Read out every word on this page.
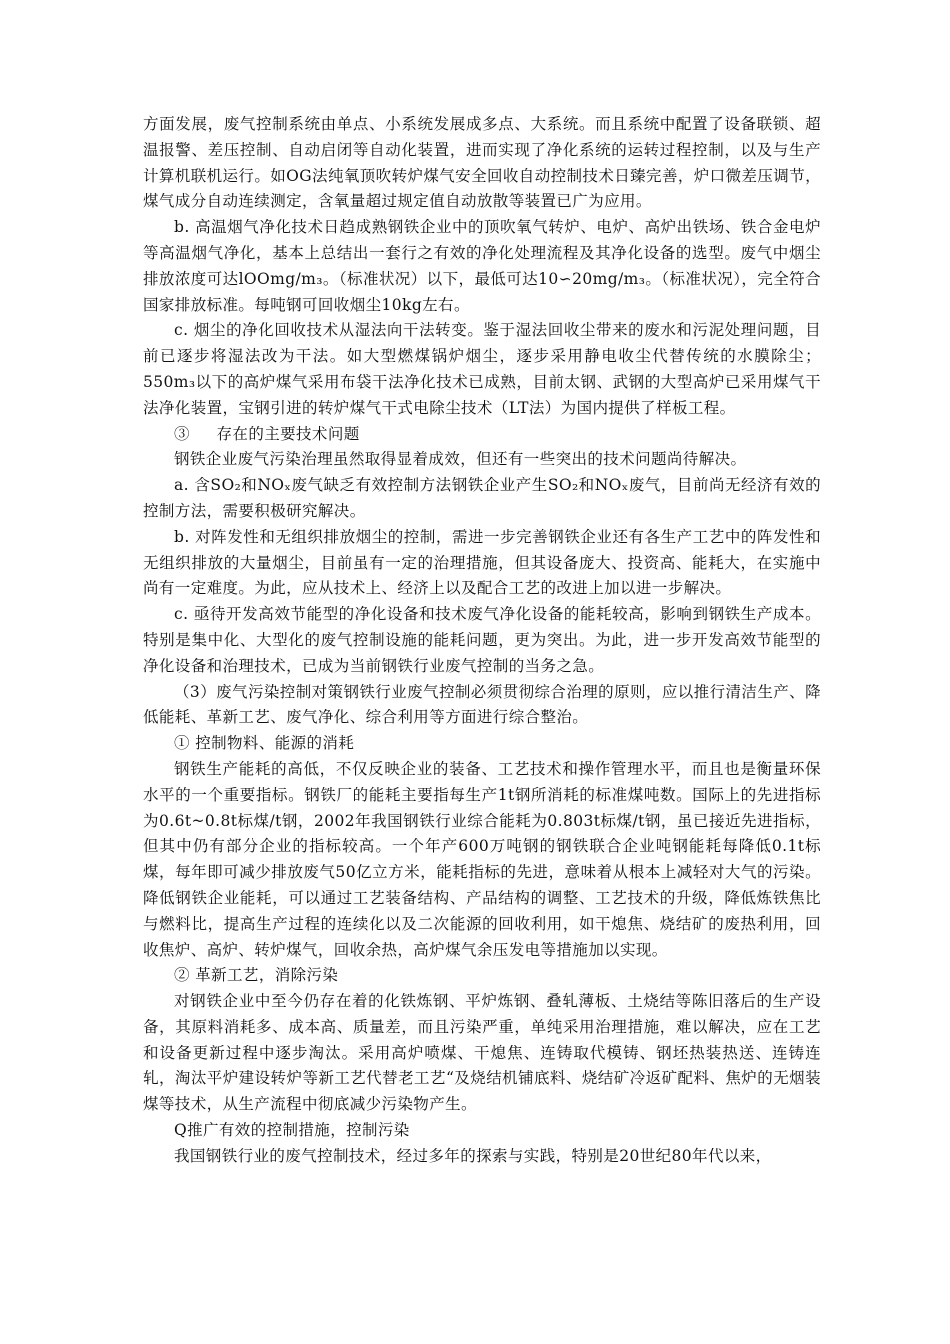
方面发展，废气控制系统由单点、小系统发展成多点、大系统。而且系统中配置了设备联锁、超温报警、差压控制、自动启闭等自动化装置，进而实现了净化系统的运转过程控制，以及与生产计算机联机运行。如OG法纯氧顶吹转炉煤气安全回收自动控制技术日臻完善，炉口微差压调节，煤气成分自动连续测定，含氧量超过规定值自动放散等装置已广为应用。

b. 高温烟气净化技术日趋成熟钢铁企业中的顶吹氧气转炉、电炉、高炉出铁场、铁合金电炉等高温烟气净化，基本上总结出一套行之有效的净化处理流程及其净化设备的选型。废气中烟尘排放浓度可达lOOmg/m₃。（标准状况）以下，最低可达10∽20mg/m₃。（标准状况），完全符合国家排放标准。每吨钢可回收烟尘10kg左右。

c. 烟尘的净化回收技术从湿法向干法转变。鉴于湿法回收尘带来的废水和污泥处理问题，目前已逐步将湿法改为干法。如大型燃煤锅炉烟尘，逐步采用静电收尘代替传统的水膜除尘；550m₃以下的高炉煤气采用布袋干法净化技术已成熟，目前太钢、武钢的大型高炉已采用煤气干法净化装置，宝钢引进的转炉煤气干式电除尘技术（LT法）为国内提供了样板工程。

③     存在的主要技术问题

钢铁企业废气污染治理虽然取得显着成效，但还有一些突出的技术问题尚待解决。

a. 含SO₂和NOₓ废气缺乏有效控制方法钢铁企业产生SO₂和NOₓ废气，目前尚无经济有效的控制方法，需要积极研究解决。

b. 对阵发性和无组织排放烟尘的控制，需进一步完善钢铁企业还有各生产工艺中的阵发性和无组织排放的大量烟尘，目前虽有一定的治理措施，但其设备庞大、投资高、能耗大，在实施中尚有一定难度。为此，应从技术上、经济上以及配合工艺的改进上加以进一步解决。

c. 亟待开发高效节能型的净化设备和技术废气净化设备的能耗较高，影响到钢铁生产成本。特别是集中化、大型化的废气控制设施的能耗问题，更为突出。为此，进一步开发高效节能型的净化设备和治理技术，已成为当前钢铁行业废气控制的当务之急。

（3）废气污染控制对策钢铁行业废气控制必须贯彻综合治理的原则，应以推行清洁生产、降低能耗、革新工艺、废气净化、综合利用等方面进行综合整治。

① 控制物料、能源的消耗

钢铁生产能耗的高低，不仅反映企业的装备、工艺技术和操作管理水平，而且也是衡量环保水平的一个重要指标。钢铁厂的能耗主要指每生产1t钢所消耗的标准煤吨数。国际上的先进指标为0.6t~0.8t标煤/t钢，2002年我国钢铁行业综合能耗为0.803t标煤/t钢，虽已接近先进指标，但其中仍有部分企业的指标较高。一个年产600万吨钢的钢铁联合企业吨钢能耗每降低0.1t标煤，每年即可减少排放废气50亿立方米，能耗指标的先进，意味着从根本上减轻对大气的污染。降低钢铁企业能耗，可以通过工艺装备结构、产品结构的调整、工艺技术的升级，降低炼铁焦比与燃料比，提高生产过程的连续化以及二次能源的回收利用，如干熄焦、烧结矿的废热利用，回收焦炉、高炉、转炉煤气，回收余热，高炉煤气余压发电等措施加以实现。

② 革新工艺，消除污染

对钢铁企业中至今仍存在着的化铁炼钢、平炉炼钢、叠轧薄板、土烧结等陈旧落后的生产设备，其原料消耗多、成本高、质量差，而且污染严重，单纯采用治理措施，难以解决，应在工艺和设备更新过程中逐步淘汰。采用高炉喷煤、干熄焦、连铸取代模铸、钢坯热装热送、连铸连轧，淘汰平炉建设转炉等新工艺代替老工艺“及烧结机铺底料、烧结矿冷返矿配料、焦炉的无烟装煤等技术，从生产流程中彻底减少污染物产生。

Q推广有效的控制措施，控制污染

我国钢铁行业的废气控制技术，经过多年的探索与实践，特别是20世纪80年代以来，
